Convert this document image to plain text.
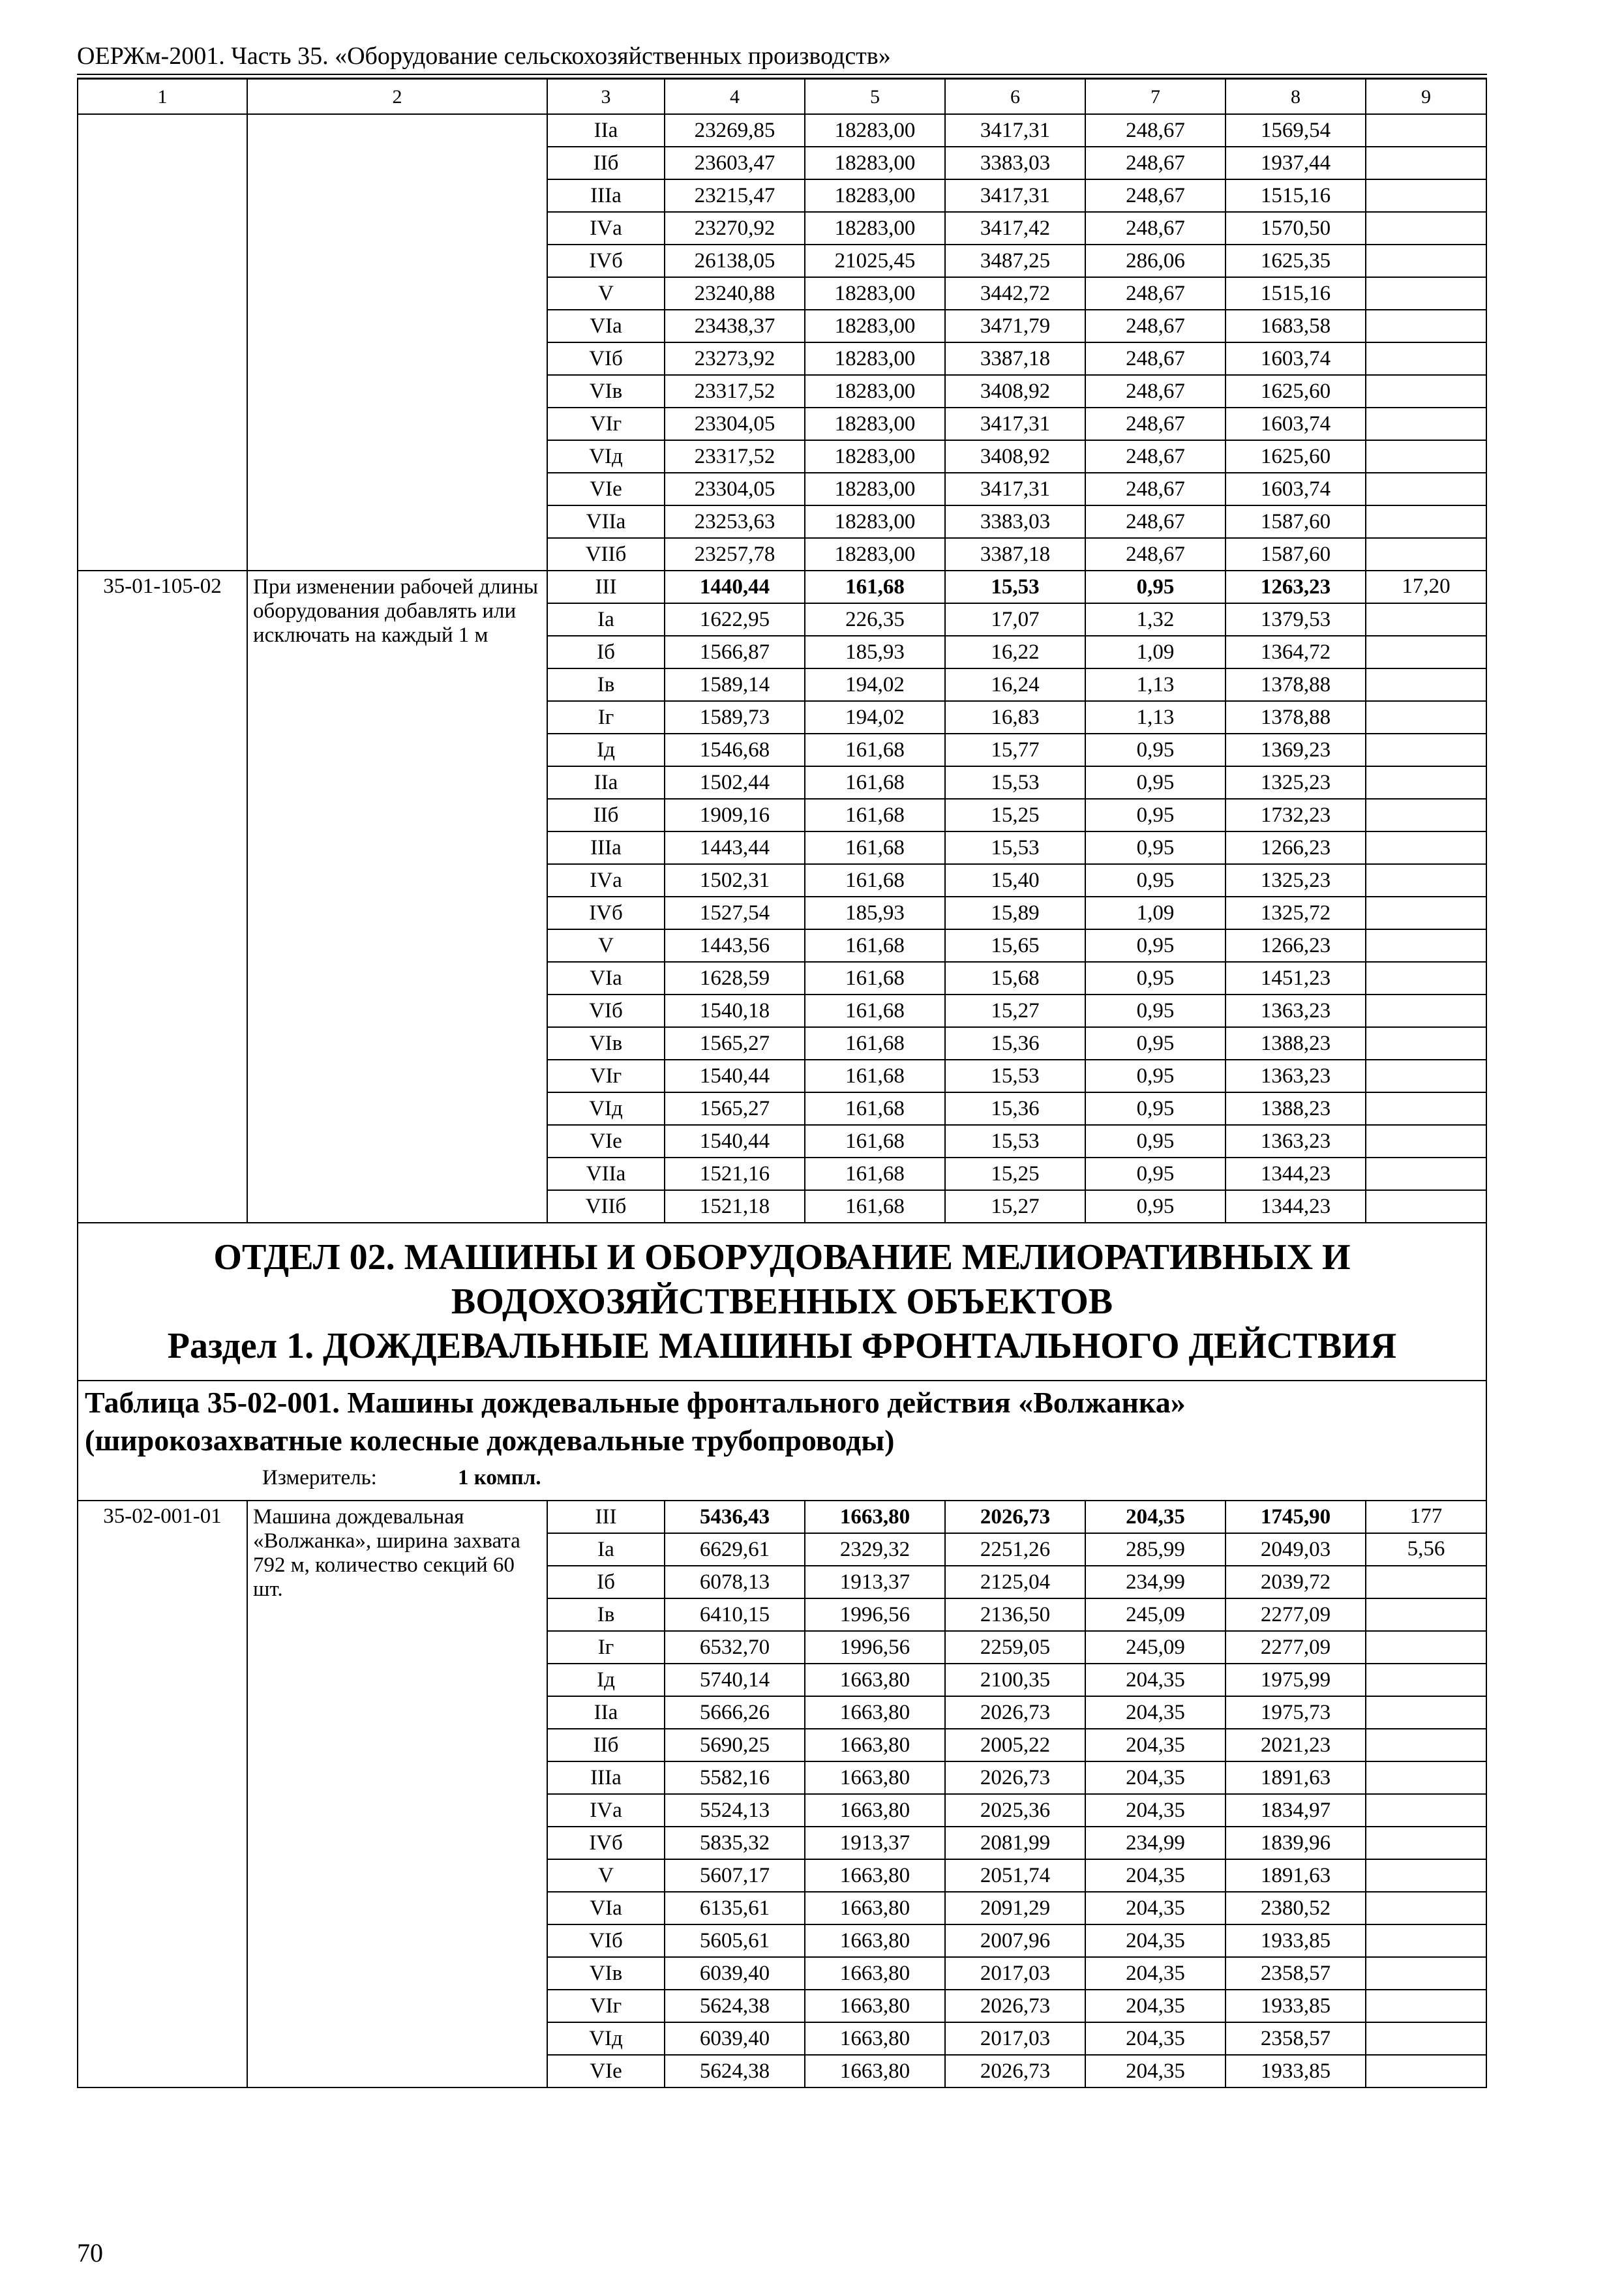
ОЕРЖм-2001. Часть 35. «Оборудование сельскохозяйственных производств»
1	2	3	4	5	6	7	8	9
		IIа	23269,85	18283,00	3417,31	248,67	1569,54	
		IIб	23603,47	18283,00	3383,03	248,67	1937,44	
		IIIа	23215,47	18283,00	3417,31	248,67	1515,16	
		IVа	23270,92	18283,00	3417,42	248,67	1570,50	
		IVб	26138,05	21025,45	3487,25	286,06	1625,35	
		V	23240,88	18283,00	3442,72	248,67	1515,16	
		VIа	23438,37	18283,00	3471,79	248,67	1683,58	
		VIб	23273,92	18283,00	3387,18	248,67	1603,74	
		VIв	23317,52	18283,00	3408,92	248,67	1625,60	
		VIг	23304,05	18283,00	3417,31	248,67	1603,74	
		VIд	23317,52	18283,00	3408,92	248,67	1625,60	
		VIе	23304,05	18283,00	3417,31	248,67	1603,74	
		VIIа	23253,63	18283,00	3383,03	248,67	1587,60	
		VIIб	23257,78	18283,00	3387,18	248,67	1587,60	
35-01-105-02	При изменении рабочей длины оборудования добавлять или исключать на каждый 1 м	III	1440,44	161,68	15,53	0,95	1263,23	17,20
		Iа	1622,95	226,35	17,07	1,32	1379,53	
		Iб	1566,87	185,93	16,22	1,09	1364,72	
		Iв	1589,14	194,02	16,24	1,13	1378,88	
		Iг	1589,73	194,02	16,83	1,13	1378,88	
		Iд	1546,68	161,68	15,77	0,95	1369,23	
		IIа	1502,44	161,68	15,53	0,95	1325,23	
		IIб	1909,16	161,68	15,25	0,95	1732,23	
		IIIа	1443,44	161,68	15,53	0,95	1266,23	
		IVа	1502,31	161,68	15,40	0,95	1325,23	
		IVб	1527,54	185,93	15,89	1,09	1325,72	
		V	1443,56	161,68	15,65	0,95	1266,23	
		VIа	1628,59	161,68	15,68	0,95	1451,23	
		VIб	1540,18	161,68	15,27	0,95	1363,23	
		VIв	1565,27	161,68	15,36	0,95	1388,23	
		VIг	1540,44	161,68	15,53	0,95	1363,23	
		VIд	1565,27	161,68	15,36	0,95	1388,23	
		VIе	1540,44	161,68	15,53	0,95	1363,23	
		VIIа	1521,16	161,68	15,25	0,95	1344,23	
		VIIб	1521,18	161,68	15,27	0,95	1344,23	

ОТДЕЛ 02. МАШИНЫ И ОБОРУДОВАНИЕ МЕЛИОРАТИВНЫХ И
ВОДОХОЗЯЙСТВЕННЫХ ОБЪЕКТОВ
Раздел 1. ДОЖДЕВАЛЬНЫЕ МАШИНЫ ФРОНТАЛЬНОГО ДЕЙСТВИЯ								

Таблица 35-02-001. Машины дождевальные фронтального действия «Волжанка»
(широкозахватные колесные дождевальные трубопроводы)
Измеритель: 1 компл.								

35-02-001-01	Машина дождевальная «Волжанка», ширина захвата 792 м, количество секций 60 шт.	III	5436,43	1663,80	2026,73	204,35	1745,90	177
		Iа	6629,61	2329,32	2251,26	285,99	2049,03	5,56
		Iб	6078,13	1913,37	2125,04	234,99	2039,72	
		Iв	6410,15	1996,56	2136,50	245,09	2277,09	
		Iг	6532,70	1996,56	2259,05	245,09	2277,09	
		Iд	5740,14	1663,80	2100,35	204,35	1975,99	
		IIа	5666,26	1663,80	2026,73	204,35	1975,73	
		IIб	5690,25	1663,80	2005,22	204,35	2021,23	
		IIIа	5582,16	1663,80	2026,73	204,35	1891,63	
		IVа	5524,13	1663,80	2025,36	204,35	1834,97	
		IVб	5835,32	1913,37	2081,99	234,99	1839,96	
		V	5607,17	1663,80	2051,74	204,35	1891,63	
		VIа	6135,61	1663,80	2091,29	204,35	2380,52	
		VIб	5605,61	1663,80	2007,96	204,35	1933,85	
		VIв	6039,40	1663,80	2017,03	204,35	2358,57	
		VIг	5624,38	1663,80	2026,73	204,35	1933,85	
		VIд	6039,40	1663,80	2017,03	204,35	2358,57	
		VIе	5624,38	1663,80	2026,73	204,35	1933,85	
70
